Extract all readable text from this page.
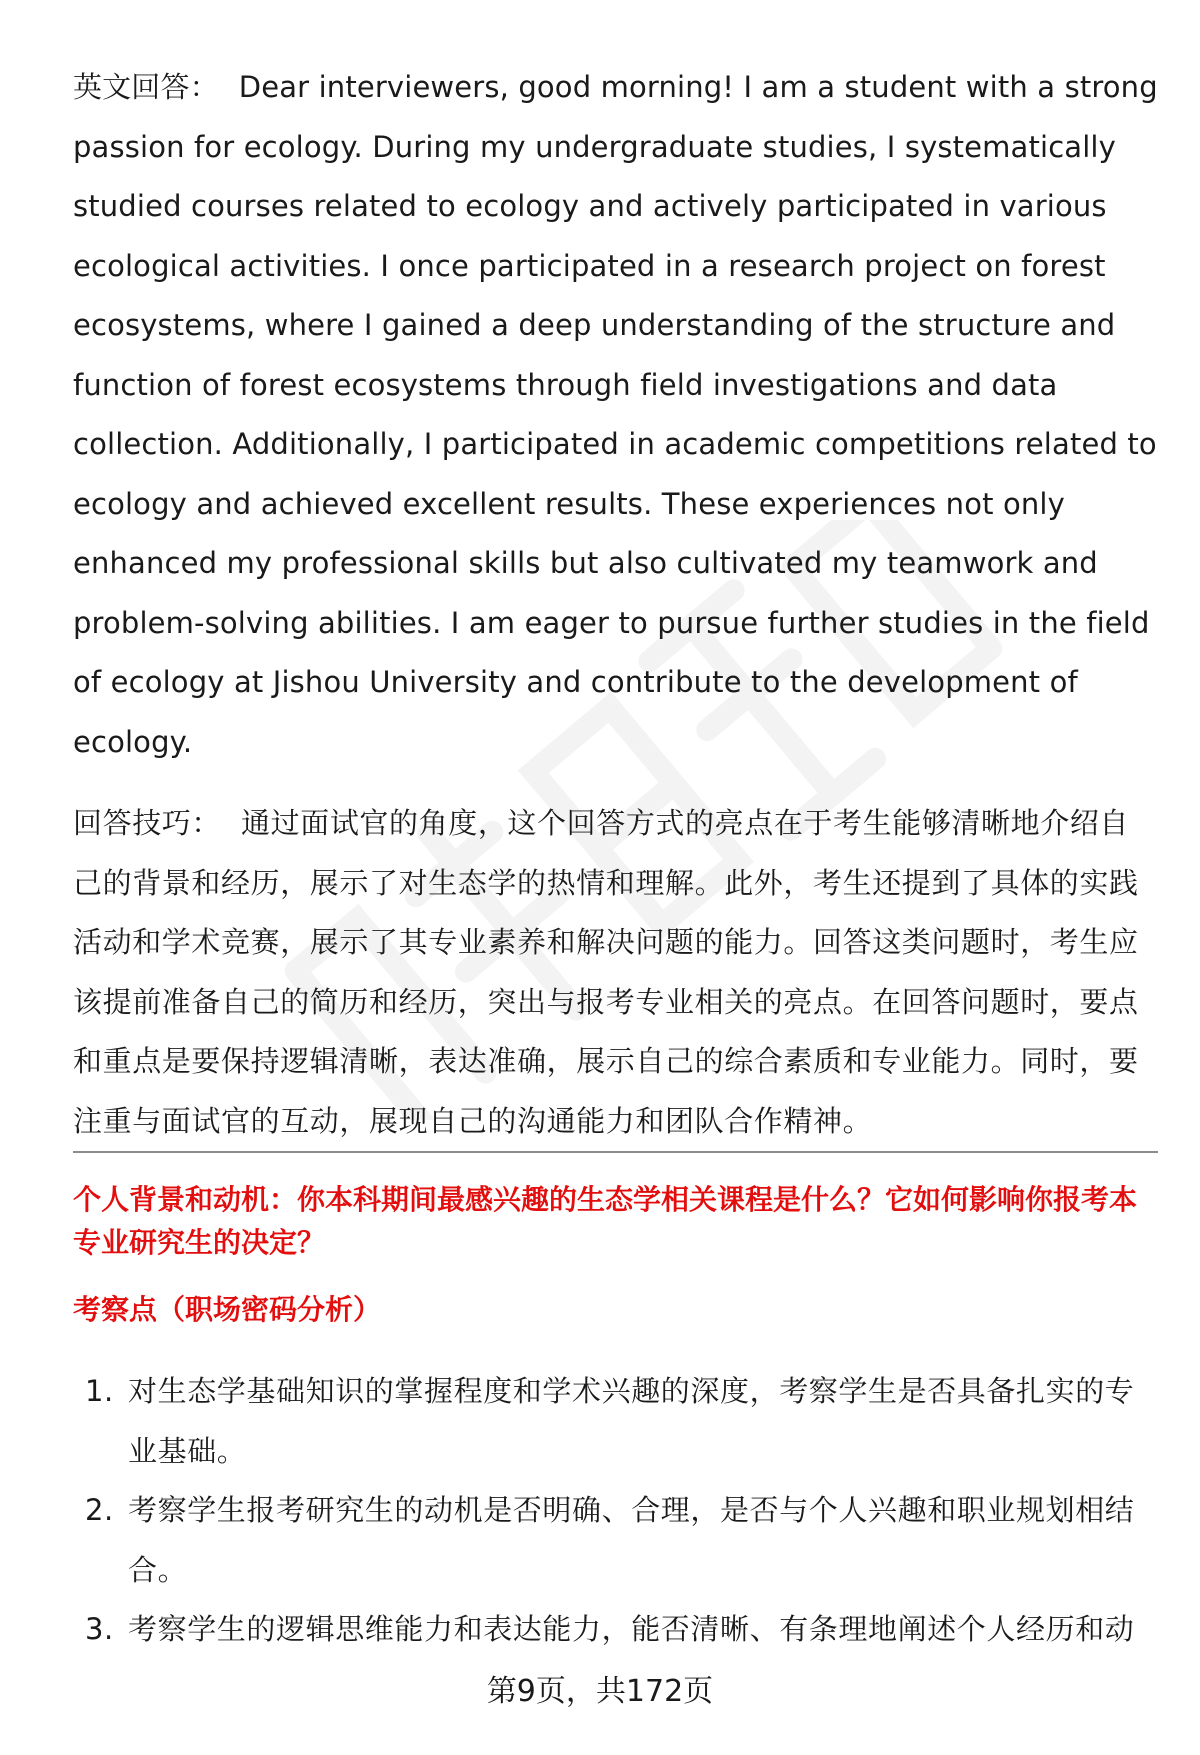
英文回答： Dear interviewers, good morning! I am a student with a strong passion for ecology. During my undergraduate studies, I systematically studied courses related to ecology and actively participated in various ecological activities. I once participated in a research project on forest ecosystems, where I gained a deep understanding of the structure and function of forest ecosystems through field investigations and data collection. Additionally, I participated in academic competitions related to ecology and achieved excellent results. These experiences not only enhanced my professional skills but also cultivated my teamwork and problem-solving abilities. I am eager to pursue further studies in the field of ecology at Jishou University and contribute to the development of ecology.

回答技巧： 通过面试官的角度，这个回答方式的亮点在于考生能够清晰地介绍自己的背景和经历，展示了对生态学的热情和理解。此外，考生还提到了具体的实践活动和学术竞赛，展示了其专业素养和解决问题的能力。回答这类问题时，考生应该提前准备自己的简历和经历，突出与报考专业相关的亮点。在回答问题时，要点和重点是要保持逻辑清晰，表达准确，展示自己的综合素质和专业能力。同时，要注重与面试官的互动，展现自己的沟通能力和团队合作精神。

个人背景和动机：你本科期间最感兴趣的生态学相关课程是什么？它如何影响你报考本专业研究生的决定？

考察点（职场密码分析）

1. 对生态学基础知识的掌握程度和学术兴趣的深度，考察学生是否具备扎实的专业基础。
2. 考察学生报考研究生的动机是否明确、合理，是否与个人兴趣和职业规划相结合。
3. 考察学生的逻辑思维能力和表达能力，能否清晰、有条理地阐述个人经历和动
第9页，共172页
